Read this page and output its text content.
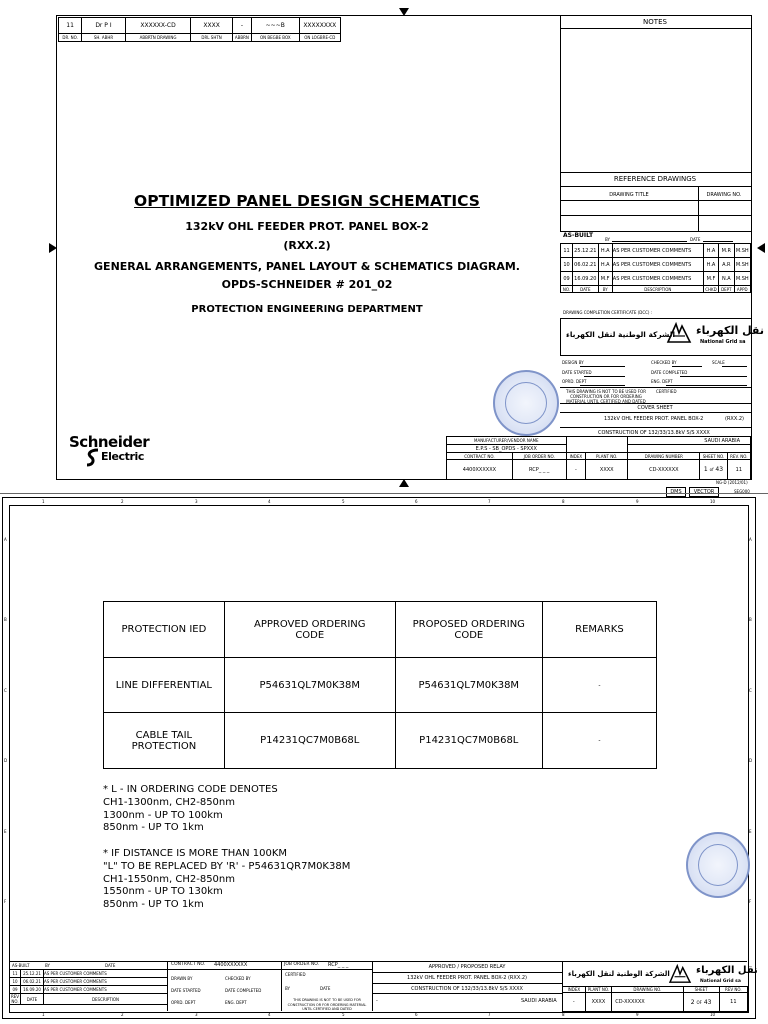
11	Dr P I	XXXXXX-CD	XXXX	-	~~~B	XXXXXXXX
DR. NO.	SH. ABHR	ABBRTN DRAWING	DRL SHTN	ABBRN	ON BEGBE BOX	ON LOGBRE-CD
OPTIMIZED PANEL DESIGN SCHEMATICS
132kV OHL FEEDER PROT. PANEL BOX-2
(RXX.2)
GENERAL ARRANGEMENTS, PANEL LAYOUT & SCHEMATICS DIAGRAM.
OPDS-SCHNEIDER # 201_02
PROTECTION ENGINEERING DEPARTMENT
Schneider
Electric
NOTES
REFERENCE DRAWINGS
DRAWING TITLE	DRAWING NO.
AS-BUILT
BY	DATE
11	25.12.21	H.A	AS PER CUSTOMER COMMENTS	H.A	M.R	M.SH
10	06.02.21	H.A	AS PER CUSTOMER COMMENTS	H.A	A.R	M.SH
09	16.09.20	M.F	AS PER CUSTOMER COMMENTS	M.F	N.A	M.SH
NO.	DATE	BY	DESCRIPTION	CHKD	DEPT	APPD
DRAWING COMPLETION CERTIFICATE (DCC) :
الشركة الوطنية لنقل الكهرباء نقل الكهرباء
National Grid sa
DESIGN BY	CHECKED BY	SCALE
DATE STARTED	DATE COMPLETED
OPRD. DEPT	ENG. DEPT
THIS DRAWING IS NOT TO BE USED FOR CONSTRUCTION OR FOR ORDERING MATERIAL UNTIL CERTIFIED AND DATED
CERTIFIED
COVER SHEET
132kV OHL FEEDER PROT. PANEL BOX-2	(RXX.2)
CONSTRUCTION OF 132/33/13.8kV S/S XXXX
MANUFACTURER/VENDOR NAME				SAUDI ARABIA		
E.P.S - SB_OPDS - SPXXX						
CONTRACT NO.	JOB ORDER NO.	INDEX	PLANT NO.	DRAWING NUMBER	SHEET NO.	REV. NO.
4400XXXXXX	RCP_ _ _	-	XXXX	CD-XXXXXX	1 of 43	11
NG-D (2012/01)
DMS	VECTOR	SEG000
1	2	3	4	5	6	7	8	9	10
1	2	3	4	5	6	7	8	9	10
A
B
C
D
E
F
A
B
C
D
E
F
PROTECTION IED	APPROVED ORDERING CODE	PROPOSED ORDERING CODE	REMARKS
LINE DIFFERENTIAL	P54631QL7M0K38M	P54631QL7M0K38M	-
CABLE TAIL PROTECTION	P14231QC7M0B68L	P14231QC7M0B68L	-
* L - IN ORDERING CODE DENOTES
CH1-1300nm, CH2-850nm
1300nm - UP TO 100km
850nm - UP TO 1km
* IF DISTANCE IS MORE THAN 100KM
"L" TO BE REPLACED BY 'R' - P54631QR7M0K38M
CH1-1550nm, CH2-850nm
1550nm - UP TO 130km
850nm - UP TO 1km
AS-BUILT	BY	DATE
11	25.12.21	AS PER CUSTOMER COMMENTS
10	06.02.21	AS PER CUSTOMER COMMENTS
09	16.09.20	AS PER CUSTOMER COMMENTS
REV NO.	DATE	DESCRIPTION
CONTRACT NO. 4400XXXXXX
DRAWN BY	CHECKED BY
DATE STARTED	DATE COMPLETED
OPRD. DEPT	ENG. DEPT
JOB ORDER NO. RCP_ _ _
CERTIFIED
BY	DATE
THIS DRAWING IS NOT TO BE USED FOR CONSTRUCTION OR FOR ORDERING MATERIAL UNTIL CERTIFIED AND DATED
APPROVED / PROPOSED RELAY
132kV OHL FEEDER PROT. PANEL BOX-2 (RXX.2)
CONSTRUCTION OF 132/33/13.8kV S/S XXXX
-	SAUDI ARABIA
الشركة الوطنية لنقل الكهرباء	نقل الكهرباء
National Grid sa
INDEX	PLANT NO.	DRAWING NO.	SHEET	REV NO.
-	XXXX	CD-XXXXXX	2 OF 43	11
